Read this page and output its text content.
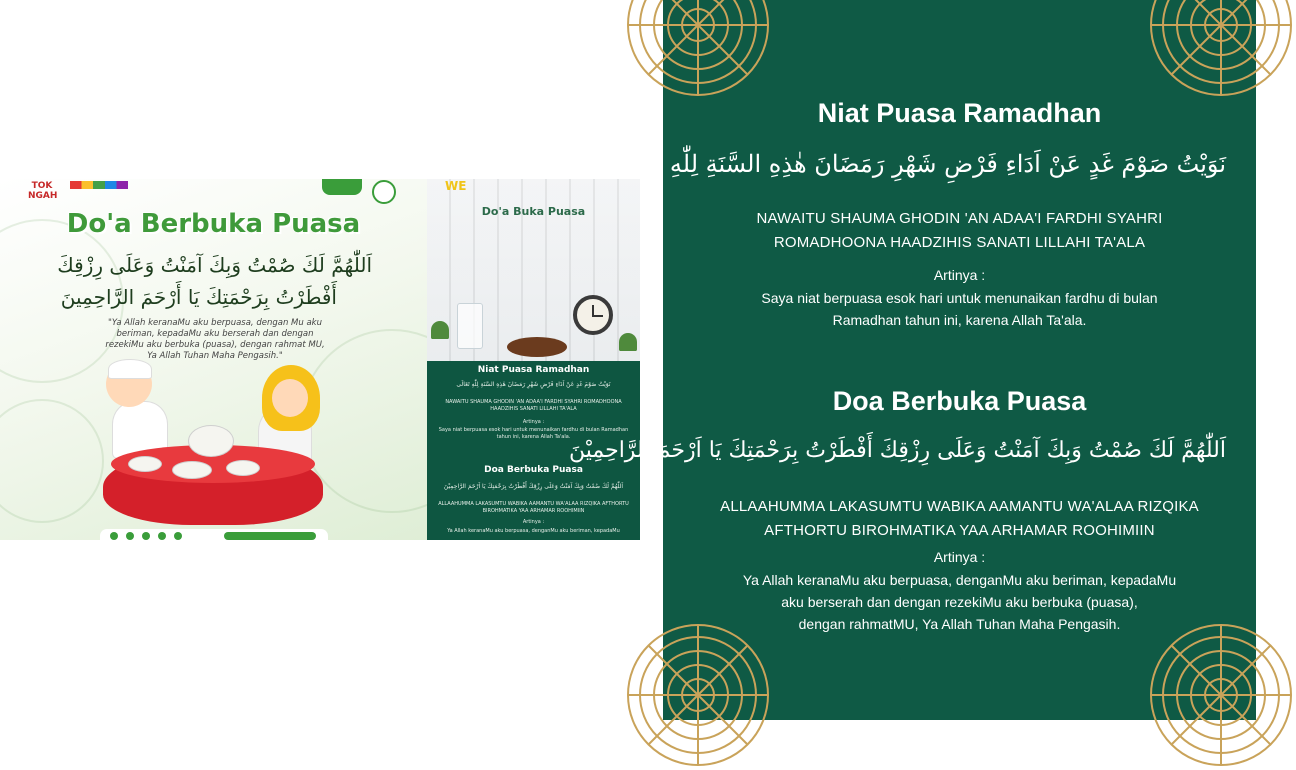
TOK NGAH
Do'a Berbuka Puasa
اَللّٰهُمَّ لَكَ صُمْتُ وَبِكَ آمَنْتُ وَعَلَى رِزْقِكَ
أَفْطَرْتُ بِرَحْمَتِكَ يَا أَرْحَمَ الرَّاحِمِينَ
"Ya Allah keranaMu aku berpuasa, dengan Mu aku
beriman, kepadaMu aku berserah dan dengan
rezekiMu aku berbuka (puasa), dengan rahmat MU,
Ya Allah Tuhan Maha Pengasih."
WE
Do'a Buka Puasa
Niat Puasa Ramadhan
نَوَيْتُ صَوْمَ غَدٍ عَنْ اَدَاءِ فَرْضِ شَهْرِ رَمَضَانَ هٰذِهِ السَّنَةِ لِلّٰهِ تَعَالَى
NAWAITU SHAUMA GHODIN 'AN ADAA'I FARDHI SYAHRI ROMADHOONA HAADZIHIS SANATI LILLAHI TA'ALA
Artinya :
Saya niat berpuasa esok hari untuk menunaikan fardhu di bulan Ramadhan tahun ini, karena Allah Ta'ala.
Doa Berbuka Puasa
اَللّٰهُمَّ لَكَ صُمْتُ وَبِكَ آمَنْتُ وَعَلَى رِزْقِكَ أَفْطَرْتُ بِرَحْمَتِكَ يَا اَرْحَمَ الرَّاحِمِيْنَ
ALLAAHUMMA LAKASUMTU WABIKA AAMANTU WA'ALAA RIZQIKA AFTHORTU BIROHMATIKA YAA ARHAMAR ROOHIMIIN
Artinya :
Ya Allah keranaMu aku berpuasa, denganMu aku beriman, kepadaMu
Niat Puasa Ramadhan
نَوَيْتُ صَوْمَ غَدٍ عَنْ اَدَاءِ فَرْضِ شَهْرِ رَمَضَانَ هٰذِهِ السَّنَةِ لِلّٰهِ تَعَالَى
NAWAITU SHAUMA GHODIN 'AN ADAA'I FARDHI SYAHRI
ROMADHOONA HAADZIHIS SANATI LILLAHI TA'ALA
Artinya :
Saya niat berpuasa esok hari untuk menunaikan fardhu di bulan
Ramadhan tahun ini, karena Allah Ta'ala.
Doa Berbuka Puasa
اَللّٰهُمَّ لَكَ صُمْتُ وَبِكَ آمَنْتُ وَعَلَى رِزْقِكَ أَفْطَرْتُ بِرَحْمَتِكَ يَا اَرْحَمَ الرَّاحِمِيْنَ
ALLAAHUMMA LAKASUMTU WABIKA AAMANTU WA'ALAA RIZQIKA
AFTHORTU BIROHMATIKA YAA ARHAMAR ROOHIMIIN
Artinya :
Ya Allah keranaMu aku berpuasa, denganMu aku beriman, kepadaMu
aku berserah dan dengan rezekiMu aku berbuka (puasa),
dengan rahmatMU, Ya Allah Tuhan Maha Pengasih.
